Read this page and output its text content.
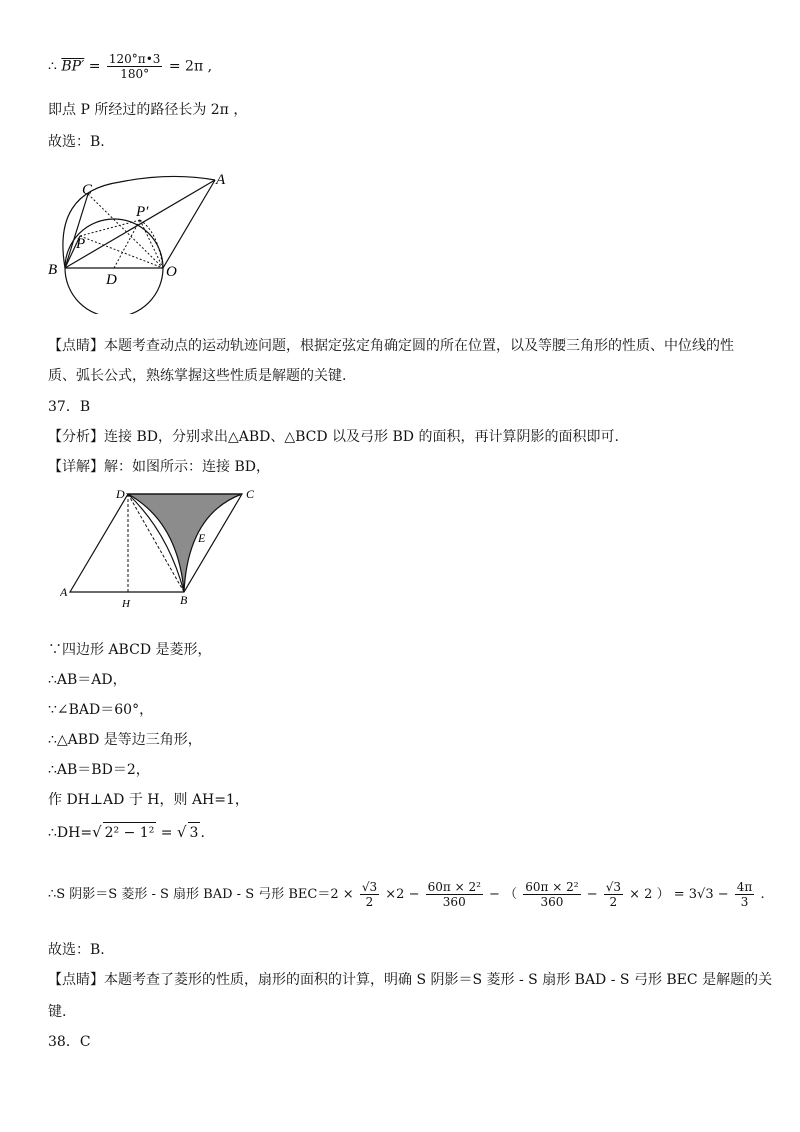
∴ $BP' = \frac{120^\circ\pi•3}{180^\circ} = 2\pi$ ,
即点 P 所经过的路径长为 2π ，
故选：B.
C
A
P′
P
B
D	O
【点睛】本题考查动点的运动轨迹问题，根据定弦定角确定圆的所在位置，以及等腰三角形的性质、中位线的性
质、弧长公式，熟练掌握这些性质是解题的关键.
37．B
【分析】连接 BD，分别求出△ABD、△BCD 以及弓形 BD 的面积，再计算阴影的面积即可.
【详解】解：如图所示：连接 BD，
D	C
E
A
H	B
∵四边形 ABCD 是菱形，
∴AB＝AD，
∵∠BAD＝60°，
∴△ABD 是等边三角形，
∴AB＝BD＝2，
作 DH⊥AD 于 H，则 AH=1，
∴DH=√ 2² − 1² = √ 3 .
∴S 阴影＝S 菱形 - S 扇形 BAD - S 弓形 $BEC=2 \times \frac{√3}{2} \times 2 - \frac{\text{60π × 2²}}{360}$ − （ $\frac{\text{60π × 2²}}{360} - \frac{√3}{2} \times 2$ ） = $3√3 - \frac{4\pi}{3}$ .
故选：B.
【点睛】本题考查了菱形的性质，扇形的面积的计算，明确 S 阴影＝S 菱形 - S 扇形 BAD - S 弓形 BEC 是解题的关
键.
38．C
